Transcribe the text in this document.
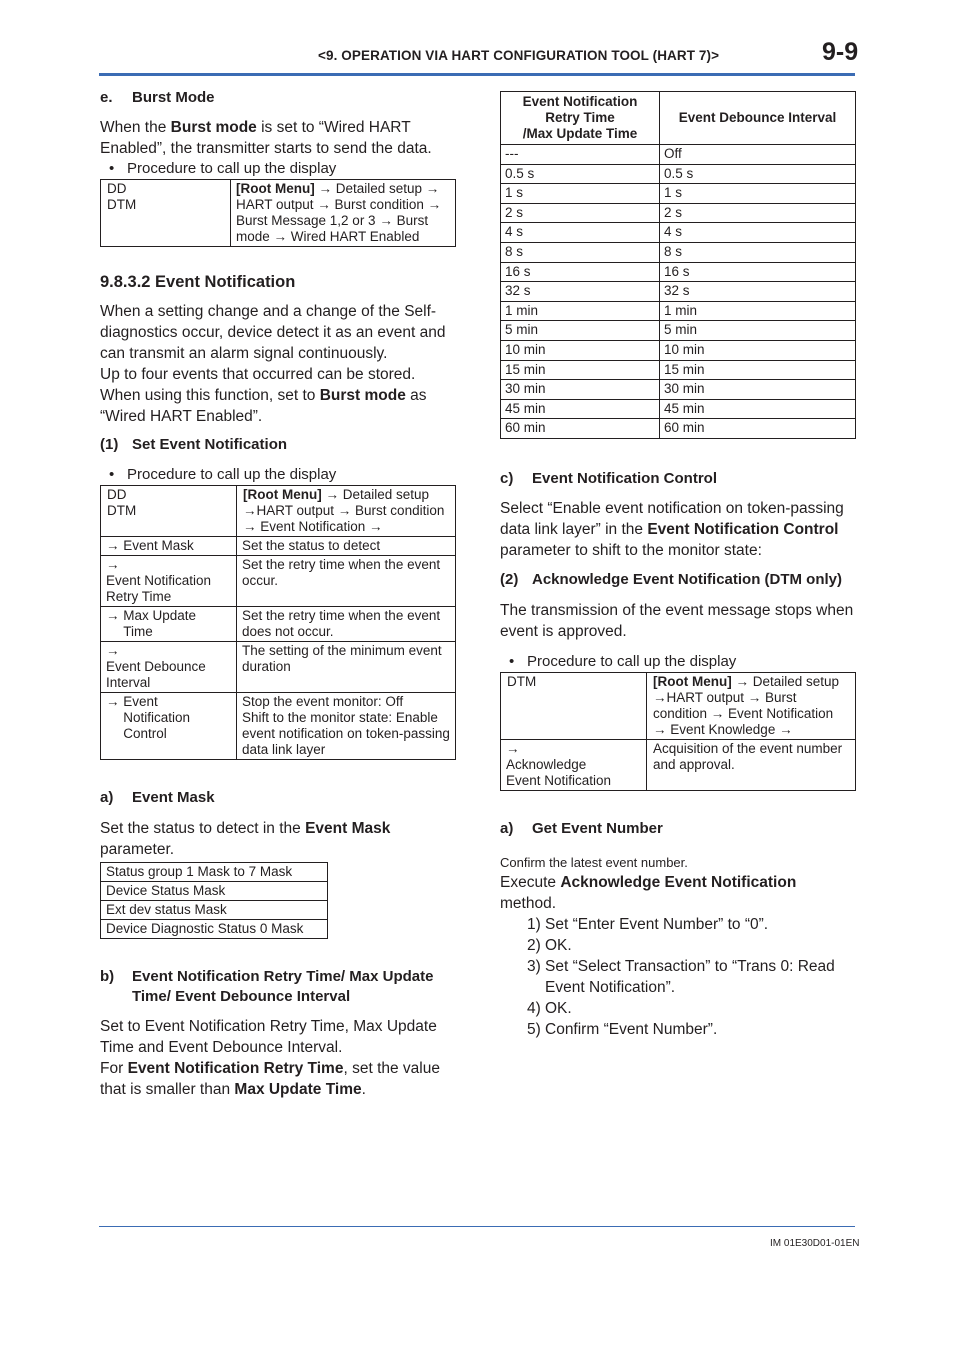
<9. OPERATION VIA HART CONFIGURATION TOOL (HART 7)>	9-9
e.	Burst Mode
When the Burst mode is set to “Wired HART Enabled”, the transmitter starts to send the data.
• Procedure to call up the display
DD
DTM	[Root Menu] → Detailed setup → HART output → Burst condition → Burst Message 1,2 or 3 → Burst mode → Wired HART Enabled
9.8.3.2 Event Notification
When a setting change and a change of the Self-diagnostics occur, device detect it as an event and can transmit an alarm signal continuously.
Up to four events that occurred can be stored.
When using this function, set to Burst mode as “Wired HART Enabled”.
(1) Set Event Notification
• Procedure to call up the display
DD
DTM	[Root Menu] → Detailed setup →HART output → Burst condition → Event Notification →
→ Event Mask	Set the status to detect
→ Event Notification Retry Time	Set the retry time when the event occur.
→ Max Update Time	Set the retry time when the event does not occur.
→ Event Debounce Interval	The setting of the minimum event duration
→ Event Notification Control	Stop the event monitor: Off
Shift to the monitor state: Enable event notification on token-passing data link layer
a)	Event Mask
Set the status to detect in the Event Mask parameter.
Status group 1 Mask to 7 Mask
Device Status Mask
Ext dev status Mask
Device Diagnostic Status 0 Mask
b)	Event Notification Retry Time/ Max Update Time/ Event Debounce Interval
Set to Event Notification Retry Time, Max Update Time and Event Debounce Interval.
For Event Notification Retry Time, set the value that is smaller than Max Update Time.
Event Notification
Retry Time
/Max Update Time	Event Debounce Interval
---	Off
0.5 s	0.5 s
1 s	1 s
2 s	2 s
4 s	4 s
8 s	8 s
16 s	16 s
32 s	32 s
1 min	1 min
5 min	5 min
10 min	10 min
15 min	15 min
30 min	30 min
45 min	45 min
60 min	60 min
c)	Event Notification Control
Select “Enable event notification on token-passing data link layer” in the Event Notification Control parameter to shift to the monitor state:
(2) Acknowledge Event Notification (DTM only)
The transmission of the event message stops when event is approved.
• Procedure to call up the display
DTM	[Root Menu] → Detailed setup →HART output → Burst condition → Event Notification → Event Knowledge →
→ Acknowledge Event Notification	Acquisition of the event number and approval.
a)	Get Event Number
Confirm the latest event number.
Execute Acknowledge Event Notification method.
1) Set “Enter Event Number” to “0”.
2) OK.
3) Set “Select Transaction” to “Trans 0: Read Event Notification”.
4) OK.
5) Confirm “Event Number”.
IM 01E30D01-01EN
